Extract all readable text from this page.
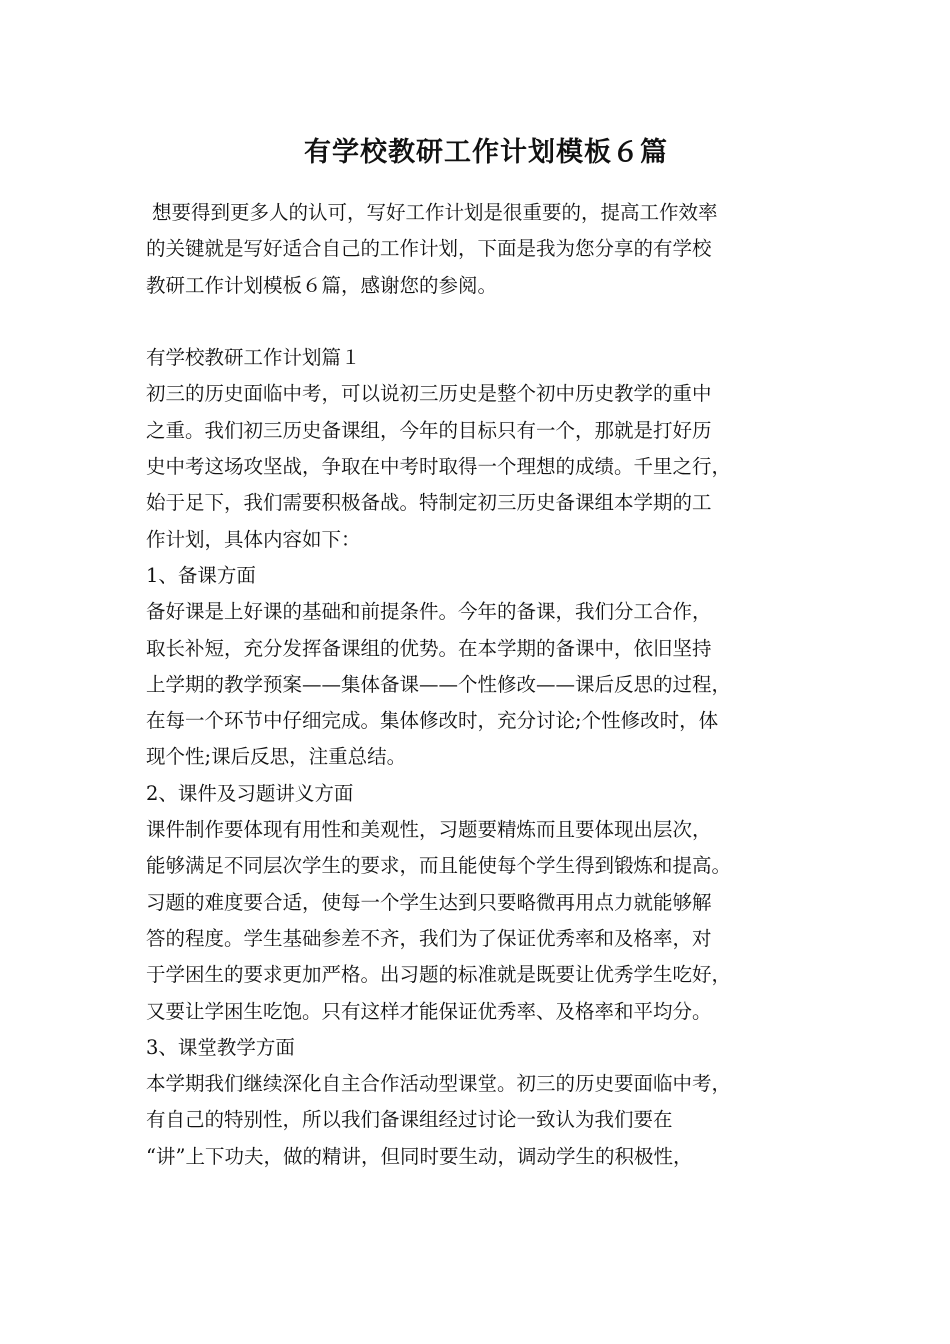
有学校教研工作计划模板６篇
想要得到更多人的认可，写好工作计划是很重要的，提高工作效率
的关键就是写好适合自己的工作计划，下面是我为您分享的有学校
教研工作计划模板６篇，感谢您的参阅。
有学校教研工作计划篇１
初三的历史面临中考，可以说初三历史是整个初中历史教学的重中
之重。我们初三历史备课组，今年的目标只有一个，那就是打好历
史中考这场攻坚战，争取在中考时取得一个理想的成绩。千里之行，
始于足下，我们需要积极备战。特制定初三历史备课组本学期的工
作计划，具体内容如下：
1、备课方面
备好课是上好课的基础和前提条件。今年的备课，我们分工合作，
取长补短，充分发挥备课组的优势。在本学期的备课中，依旧坚持
上学期的教学预案——集体备课——个性修改——课后反思的过程，
在每一个环节中仔细完成。集体修改时，充分讨论;个性修改时，体
现个性;课后反思，注重总结。
2、课件及习题讲义方面
课件制作要体现有用性和美观性，习题要精炼而且要体现出层次，
能够满足不同层次学生的要求，而且能使每个学生得到锻炼和提高。
习题的难度要合适，使每一个学生达到只要略微再用点力就能够解
答的程度。学生基础参差不齐，我们为了保证优秀率和及格率，对
于学困生的要求更加严格。出习题的标准就是既要让优秀学生吃好，
又要让学困生吃饱。只有这样才能保证优秀率、及格率和平均分。
3、课堂教学方面
本学期我们继续深化自主合作活动型课堂。初三的历史要面临中考，
有自己的特别性，所以我们备课组经过讨论一致认为我们要在
“讲”上下功夫，做的精讲，但同时要生动，调动学生的积极性，
